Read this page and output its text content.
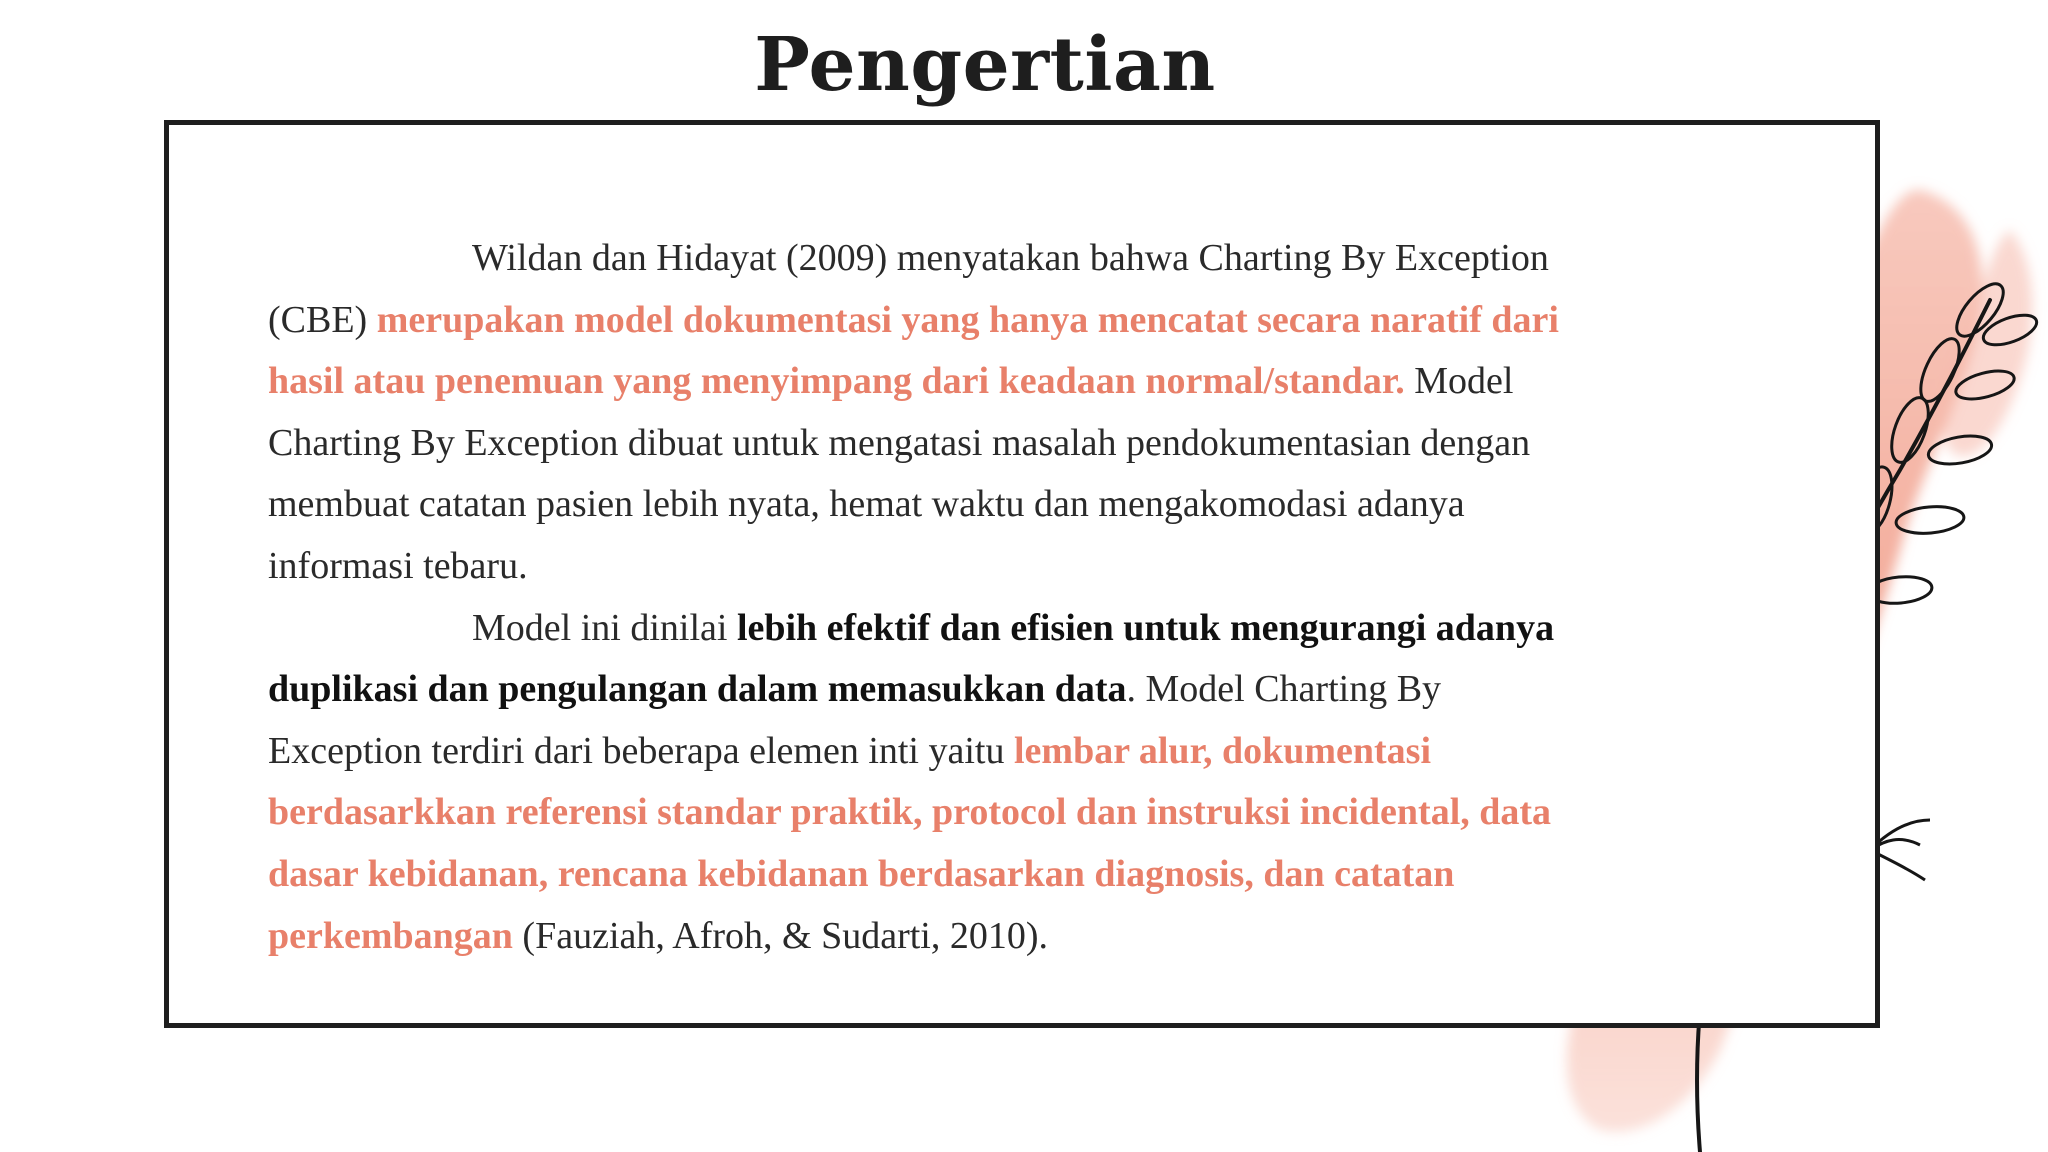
Pengertian

Wildan dan Hidayat (2009) menyatakan bahwa Charting By Exception (CBE) merupakan model dokumentasi yang hanya mencatat secara naratif dari hasil atau penemuan yang menyimpang dari keadaan normal/standar. Model Charting By Exception dibuat untuk mengatasi masalah pendokumentasian dengan membuat catatan pasien lebih nyata, hemat waktu dan mengakomodasi adanya informasi tebaru.

Model ini dinilai lebih efektif dan efisien untuk mengurangi adanya duplikasi dan pengulangan dalam memasukkan data. Model Charting By Exception terdiri dari beberapa elemen inti yaitu lembar alur, dokumentasi berdasarkkan referensi standar praktik, protocol dan instruksi incidental, data dasar kebidanan, rencana kebidanan berdasarkan diagnosis, dan catatan perkembangan (Fauziah, Afroh, & Sudarti, 2010).
